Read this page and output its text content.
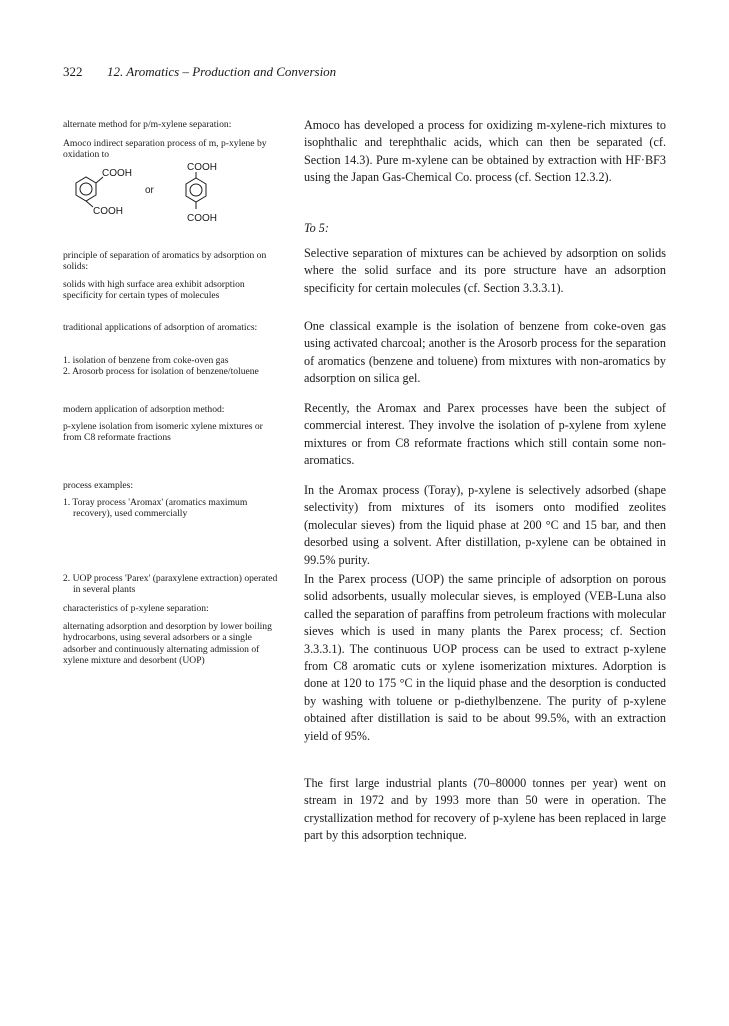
322 12. Aromatics – Production and Conversion

alternate method for p/m-xylene separation:

Amoco indirect separation process of m, p-xylene by oxidation to

COOH
COOH
or
COOH
COOH

principle of separation of aromatics by adsorption on solids:

solids with high surface area exhibit adsorption specificity for certain types of molecules

traditional applications of adsorption of aromatics:

1. isolation of benzene from coke-oven gas
2. Arosorb process for isolation of benzene/toluene

modern application of adsorption method:

p-xylene isolation from isomeric xylene mixtures or from C8 reformate fractions

process examples:

1. Toray process 'Aromax' (aromatics maximum recovery), used commercially
2. UOP process 'Parex' (paraxylene extraction) operated in several plants

characteristics of p-xylene separation:

alternating adsorption and desorption by lower boiling hydrocarbons, using several adsorbers or a single adsorber and continuously alternating admission of xylene mixture and desorbent (UOP)

Amoco has developed a process for oxidizing m-xylene-rich mixtures to isophthalic and terephthalic acids, which can then be separated (cf. Section 14.3). Pure m-xylene can be obtained by extraction with HF·BF3 using the Japan Gas-Chemical Co. process (cf. Section 12.3.2).

To 5:

Selective separation of mixtures can be achieved by adsorption on solids where the solid surface and its pore structure have an adsorption specificity for certain molecules (cf. Section 3.3.3.1).

One classical example is the isolation of benzene from coke-oven gas using activated charcoal; another is the Arosorb process for the separation of aromatics (benzene and toluene) from mixtures with non-aromatics by adsorption on silica gel.

Recently, the Aromax and Parex processes have been the subject of commercial interest. They involve the isolation of p-xylene from xylene mixtures or from C8 reformate fractions which still contain some non-aromatics.

In the Aromax process (Toray), p-xylene is selectively adsorbed (shape selectivity) from mixtures of its isomers onto modified zeolites (molecular sieves) from the liquid phase at 200 °C and 15 bar, and then desorbed using a solvent. After distillation, p-xylene can be obtained in 99.5% purity.

In the Parex process (UOP) the same principle of adsorption on porous solid adsorbents, usually molecular sieves, is employed (VEB-Luna also called the separation of paraffins from petroleum fractions with molecular sieves which is used in many plants the Parex process; cf. Section 3.3.3.1). The continuous UOP process can be used to extract p-xylene from C8 aromatic cuts or xylene isomerization mixtures. Adorption is done at 120 to 175 °C in the liquid phase and the desorption is conducted by washing with toluene or p-diethylbenzene. The purity of p-xylene obtained after distillation is said to be about 99.5%, with an extraction yield of 95%.

The first large industrial plants (70–80000 tonnes per year) went on stream in 1972 and by 1993 more than 50 were in operation. The crystallization method for recovery of p-xylene has been replaced in large part by this adsorption technique.
